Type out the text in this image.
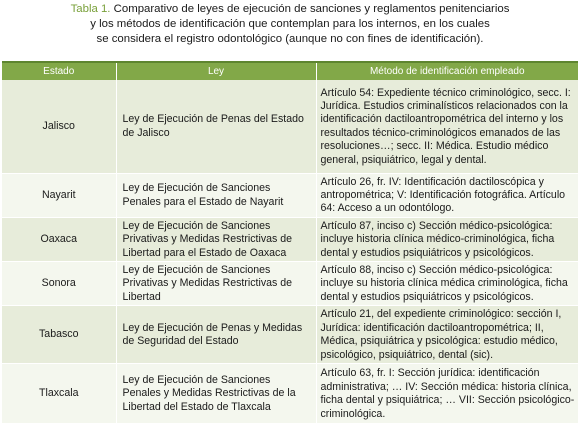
Tabla 1. Comparativo de leyes de ejecución de sanciones y reglamentos penitenciarios
y los métodos de identificación que contemplan para los internos, en los cuales
se considera el registro odontológico (aunque no con fines de identificación).
Estado	Ley	Método de identificación empleado
Jalisco	Ley de Ejecución de Penas del Estado de Jalisco	Artículo 54: Expediente técnico criminológico, secc. I: Jurídica. Estudios criminalísticos relacionados con la identificación dactiloantropométrica del interno y los resultados técnico-criminológicos emanados de las resoluciones…; secc. II: Médica. Estudio médico general, psiquiátrico, legal y dental.
Nayarit	Ley de Ejecución de Sanciones Penales para el Estado de Nayarit	Artículo 26, fr. IV: Identificación dactiloscópica y antropométrica; V: Identificación fotográfica. Artículo 64: Acceso a un odontólogo.
Oaxaca	Ley de Ejecución de Sanciones Privativas y Medidas Restrictivas de Libertad para el Estado de Oaxaca	Artículo 87, inciso c) Sección médico-psicológica: incluye historia clínica médico-criminológica, ficha dental y estudios psiquiátricos y psicológicos.
Sonora	Ley de Ejecución de Sanciones Privativas y Medidas Restrictivas de Libertad	Artículo 88, inciso c) Sección médico-psicológica: incluye su historia clínica médica criminológica, ficha dental y estudios psiquiátricos y psicológicos.
Tabasco	Ley de Ejecución de Penas y Medidas de Seguridad del Estado	Artículo 21, del expediente criminológico: sección I, Jurídica: identificación dactiloantropométrica; II, Médica, psiquiátrica y psicológica: estudio médico, psicológico, psiquiátrico, dental (sic).
Tlaxcala	Ley de Ejecución de Sanciones Penales y Medidas Restrictivas de la Libertad del Estado de Tlaxcala	Artículo 63, fr. I: Sección jurídica: identificación administrativa; … IV: Sección médica: historia clínica, ficha dental y psiquiátrica; … VII: Sección psicológico-criminológica.
